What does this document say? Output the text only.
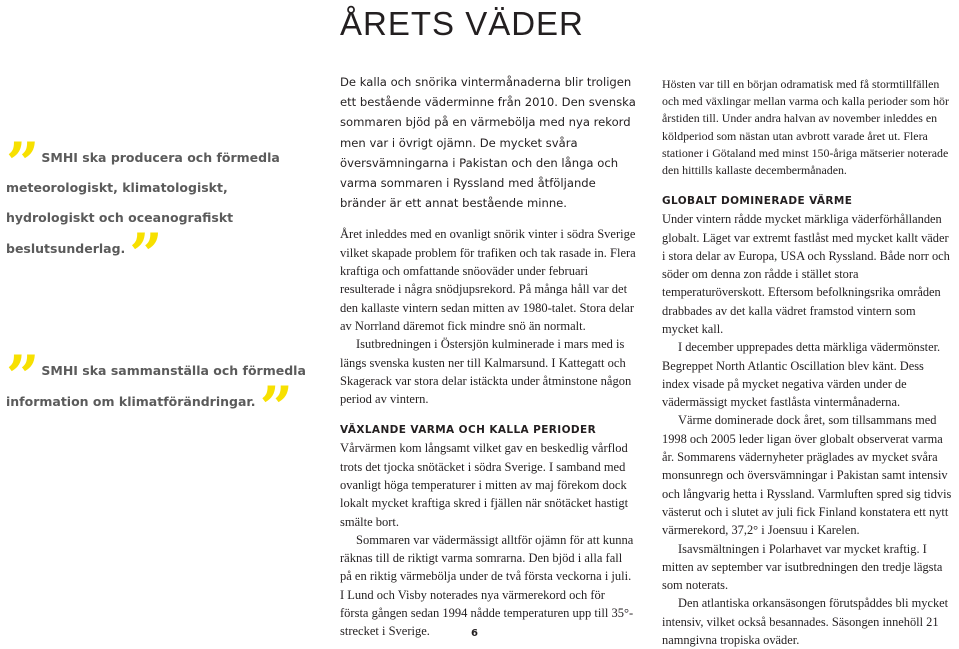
ÅRETS VÄDER
” SMHI ska producera och förmedla meteorologiskt, klimatologiskt, hydrologiskt och oceanografiskt beslutsunderlag.”
” SMHI ska sammanställa och förmedla information om klimatförändringar.”

De kalla och snörika vintermånaderna blir troligen ett bestående väderminne från 2010. Den svenska sommaren bjöd på en värmebölja med nya rekord men var i övrigt ojämn. De mycket svåra översvämningarna i Pakistan och den långa och varma sommaren i Ryssland med åtföljande bränder är ett annat bestående minne.

Året inleddes med en ovanligt snörik vinter i södra Sverige vilket skapade problem för trafiken och tak rasade in. Flera kraftiga och omfattande snöoväder under februari resulterade i några snödjupsrekord. På många håll var det den kallaste vintern sedan mitten av 1980-talet. Stora delar av Norrland däremot fick mindre snö än normalt.

Isutbredningen i Östersjön kulminerade i mars med is längs svenska kusten ner till Kalmarsund. I Kattegatt och Skagerack var stora delar istäckta under åtminstone någon period av vintern.

VÄXLANDE VARMA OCH KALLA PERIODER

Vårvärmen kom långsamt vilket gav en beskedlig vårflod trots det tjocka snötäcket i södra Sverige. I samband med ovanligt höga temperaturer i mitten av maj förekom dock lokalt mycket kraftiga skred i fjällen när snötäcket hastigt smälte bort.

Sommaren var vädermässigt alltför ojämn för att kunna räknas till de riktigt varma somrarna. Den bjöd i alla fall på en riktig värmebölja under de två första veckorna i juli. I Lund och Visby noterades nya värmerekord och för första gången sedan 1994 nådde temperaturen upp till 35°-strecket i Sverige.

Hösten var till en början odramatisk med få stormtillfällen och med växlingar mellan varma och kalla perioder som hör årstiden till. Under andra halvan av november inleddes en köldperiod som nästan utan avbrott varade året ut. Flera stationer i Götaland med minst 150-åriga mätserier noterade den hittills kallaste decembermånaden.

GLOBALT DOMINERADE VÄRME

Under vintern rådde mycket märkliga väderförhållanden globalt. Läget var extremt fastlåst med mycket kallt väder i stora delar av Europa, USA och Ryssland. Både norr och söder om denna zon rådde i stället stora temperaturöverskott. Eftersom befolkningsrika områden drabbades av det kalla vädret framstod vintern som mycket kall.

I december upprepades detta märkliga vädermönster. Begreppet North Atlantic Oscillation blev känt. Dess index visade på mycket negativa värden under de vädermässigt mycket fastlåsta vintermånaderna.

Värme dominerade dock året, som tillsammans med 1998 och 2005 leder ligan över globalt observerat varma år. Sommarens vädernyheter präglades av mycket svåra monsunregn och översvämningar i Pakistan samt intensiv och långvarig hetta i Ryssland. Varmluften spred sig tidvis västerut och i slutet av juli fick Finland konstatera ett nytt värmerekord, 37,2° i Joensuu i Karelen.

Isavsmältningen i Polarhavet var mycket kraftig. I mitten av september var isutbredningen den tredje lägsta som noterats.

Den atlantiska orkansäsongen förutspåddes bli mycket intensiv, vilket också besannades. Säsongen innehöll 21 namngivna tropiska oväder.

6
